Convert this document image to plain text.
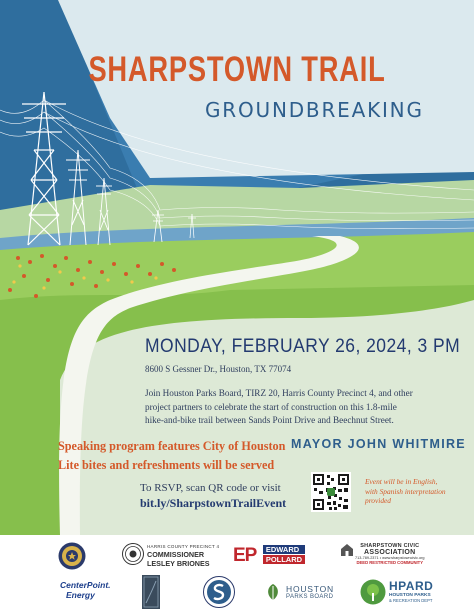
SHARPSTOWN TRAIL
GROUNDBREAKING
MONDAY, FEBRUARY 26, 2024, 3 PM
8600 S Gessner Dr., Houston, TX 77074
Join Houston Parks Board, TIRZ 20, Harris County Precinct 4, and other
project partners to celebrate the start of construction on this 1.8-mile
hike-and-bike trail between Sands Point Drive and Beechnut Street.
Speaking program features City of Houston MAYOR JOHN WHITMIRE
Lite bites and refreshments will be served
To RSVP, scan QR code or visit
bit.ly/SharpstownTrailEvent
Event will be in English,
with Spanish interpretation
provided
HARRIS COUNTY PRECINCT 4
COMMISSIONER
LESLEY BRIONES	EP	EDWARD
POLLARD
SHARPSTOWN CIVIC
ASSOCIATION
713-789-2371 • www.sharpstowncivic.org
DEED RESTRICTED COMMUNITY
CenterPoint.
Energy
HOUSTON
PARKS BOARD
HPARD
HOUSTON PARKS
& RECREATION DEPT
